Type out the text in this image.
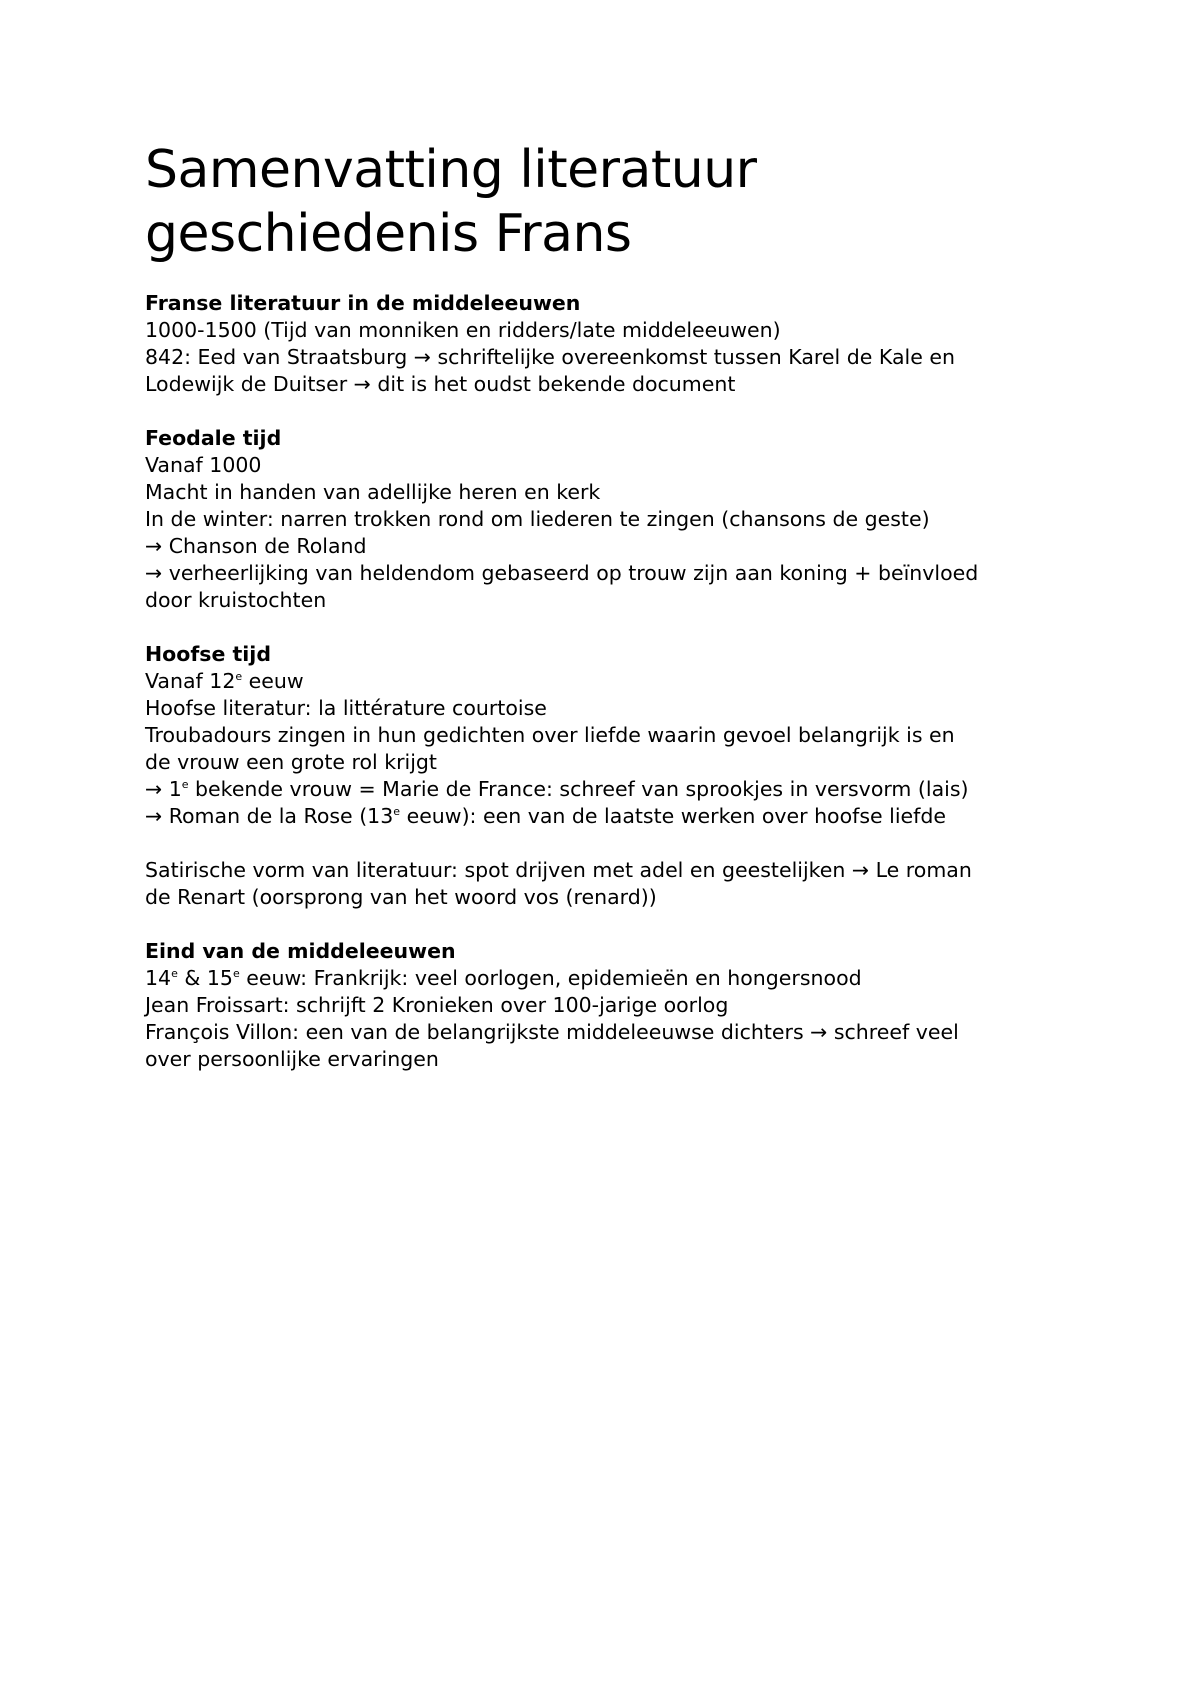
Samenvatting literatuur
geschiedenis Frans
Franse literatuur in de middeleeuwen

1000-1500 (Tijd van monniken en ridders/late middeleeuwen)

842: Eed van Straatsburg → schriftelijke overeenkomst tussen Karel de Kale en

Lodewijk de Duitser → dit is het oudst bekende document

Feodale tijd

Vanaf 1000

Macht in handen van adellijke heren en kerk

In de winter: narren trokken rond om liederen te zingen (chansons de geste)

→ Chanson de Roland

→ verheerlijking van heldendom gebaseerd op trouw zijn aan koning + beïnvloed

door kruistochten

Hoofse tijd

Vanaf 12e eeuw

Hoofse literatur: la littérature courtoise

Troubadours zingen in hun gedichten over liefde waarin gevoel belangrijk is en

de vrouw een grote rol krijgt

→ $1^e$ bekende vrouw = Marie de France: schreef van sprookjes in versvorm (lais)

→ Roman de la Rose (13e eeuw): een van de laatste werken over hoofse liefde

Satirische vorm van literatuur: spot drijven met adel en geestelijken → Le roman

de Renart (oorsprong van het woord vos (renard))

Eind van de middeleeuwen

14e & 15e eeuw: Frankrijk: veel oorlogen, epidemieën en hongersnood

Jean Froissart: schrijft 2 Kronieken over 100-jarige oorlog

François Villon: een van de belangrijkste middeleeuwse dichters → schreef veel

over persoonlijke ervaringen
